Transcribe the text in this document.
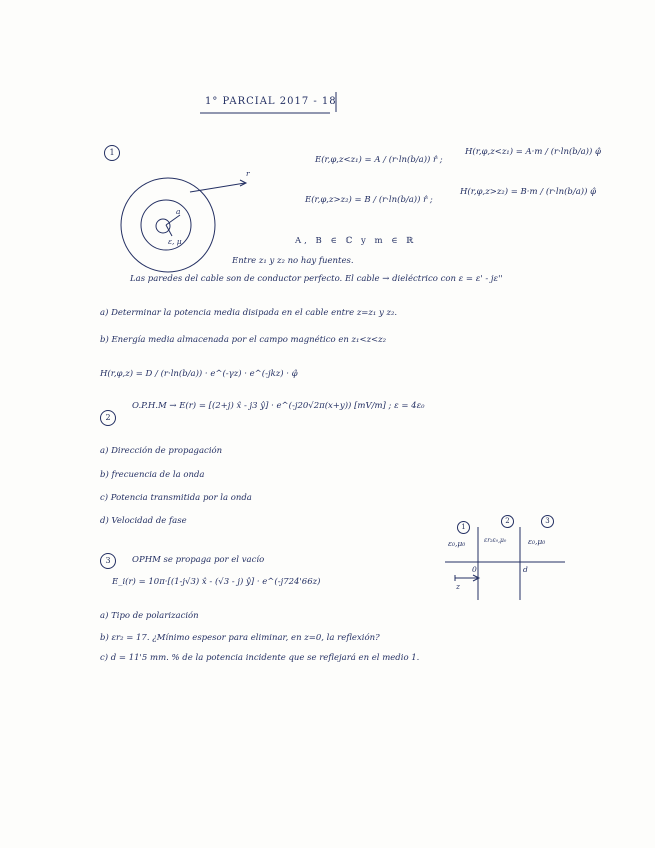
1° PARCIAL 2017 - 18
1
E(r,φ,z<z₁) = A / (r·ln(b/a)) r̂ ;
H(r,φ,z<z₁) = A·m / (r·ln(b/a)) φ̂
E(r,φ,z>z₂) = B / (r·ln(b/a)) r̂ ;
H(r,φ,z>z₂) = B·m / (r·ln(b/a)) φ̂
r
a
ε, μ	A, B ∈ ℂ y m ∈ ℝ
Entre z₁ y z₂ no hay fuentes.
Las paredes del cable son de conductor perfecto. El cable → dieléctrico con ε = ε' - jε''
a) Determinar la potencia media disipada en el cable entre z=z₁ y z₂.
b) Energía media almacenada por el campo magnético en z₁<z<z₂
H(r,φ,z) = D / (r·ln(b/a)) · e^(-γz) · e^(-jkz) · φ̂
2
O.P.H.M → E(r) = [(2+j) x̂ - j3 ŷ] · e^(-j20√2π(x+y)) [mV/m] ; ε = 4ε₀
a) Dirección de propagación
b) frecuencia de la onda
c) Potencia transmitida por la onda
d) Velocidad de fase
3	OPHM se propaga por el vacío
E_i(r) = 10π·[(1-j√3) x̂ - (√3 - j) ŷ] · e^(-j724'66z)
a) Tipo de polarización
b) εr₂ = 17. ¿Mínimo espesor para eliminar, en z=0, la reflexión?
c) d = 11'5 mm. % de la potencia incidente que se reflejará en el medio 1.
1
2	3
ε₀,μ₀	εr₂ε₀,μ₀	ε₀,μ₀
0	d
z
